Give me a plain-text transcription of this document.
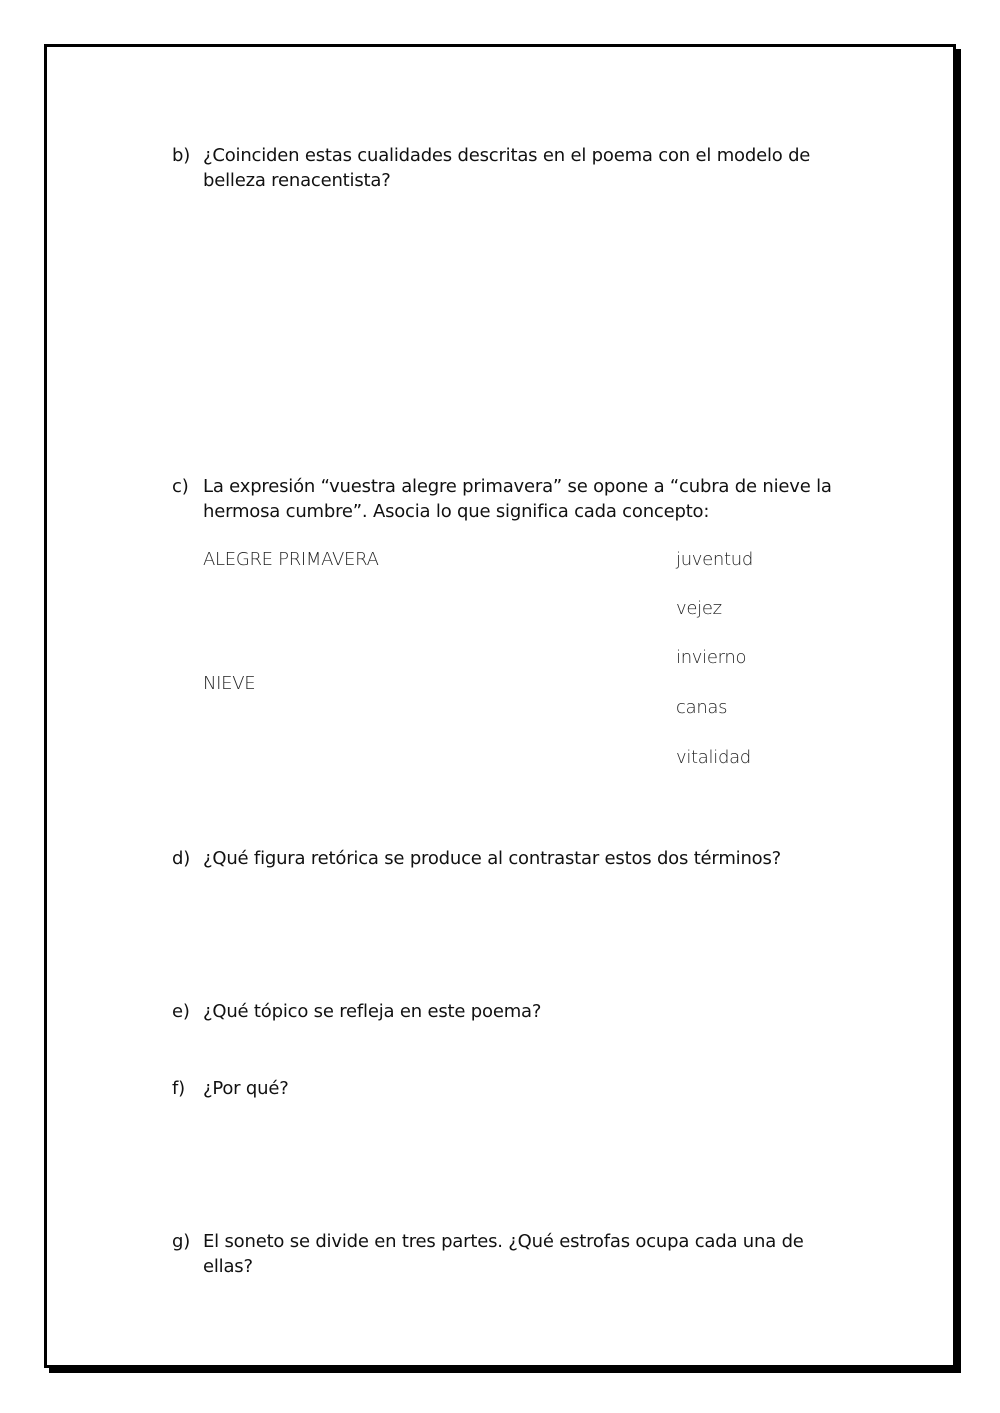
b) ¿Coinciden estas cualidades descritas en el poema con el modelo de belleza renacentista?
c) La expresión “vuestra alegre primavera” se opone a “cubra de nieve la hermosa cumbre”. Asocia lo que significa cada concepto:
ALEGRE PRIMAVERA
NIEVE
juventud
vejez
invierno
canas
vitalidad
d) ¿Qué figura retórica se produce al contrastar estos dos términos?
e) ¿Qué tópico se refleja en este poema?
f)	¿Por qué?
g) El soneto se divide en tres partes. ¿Qué estrofas ocupa cada una de ellas?
